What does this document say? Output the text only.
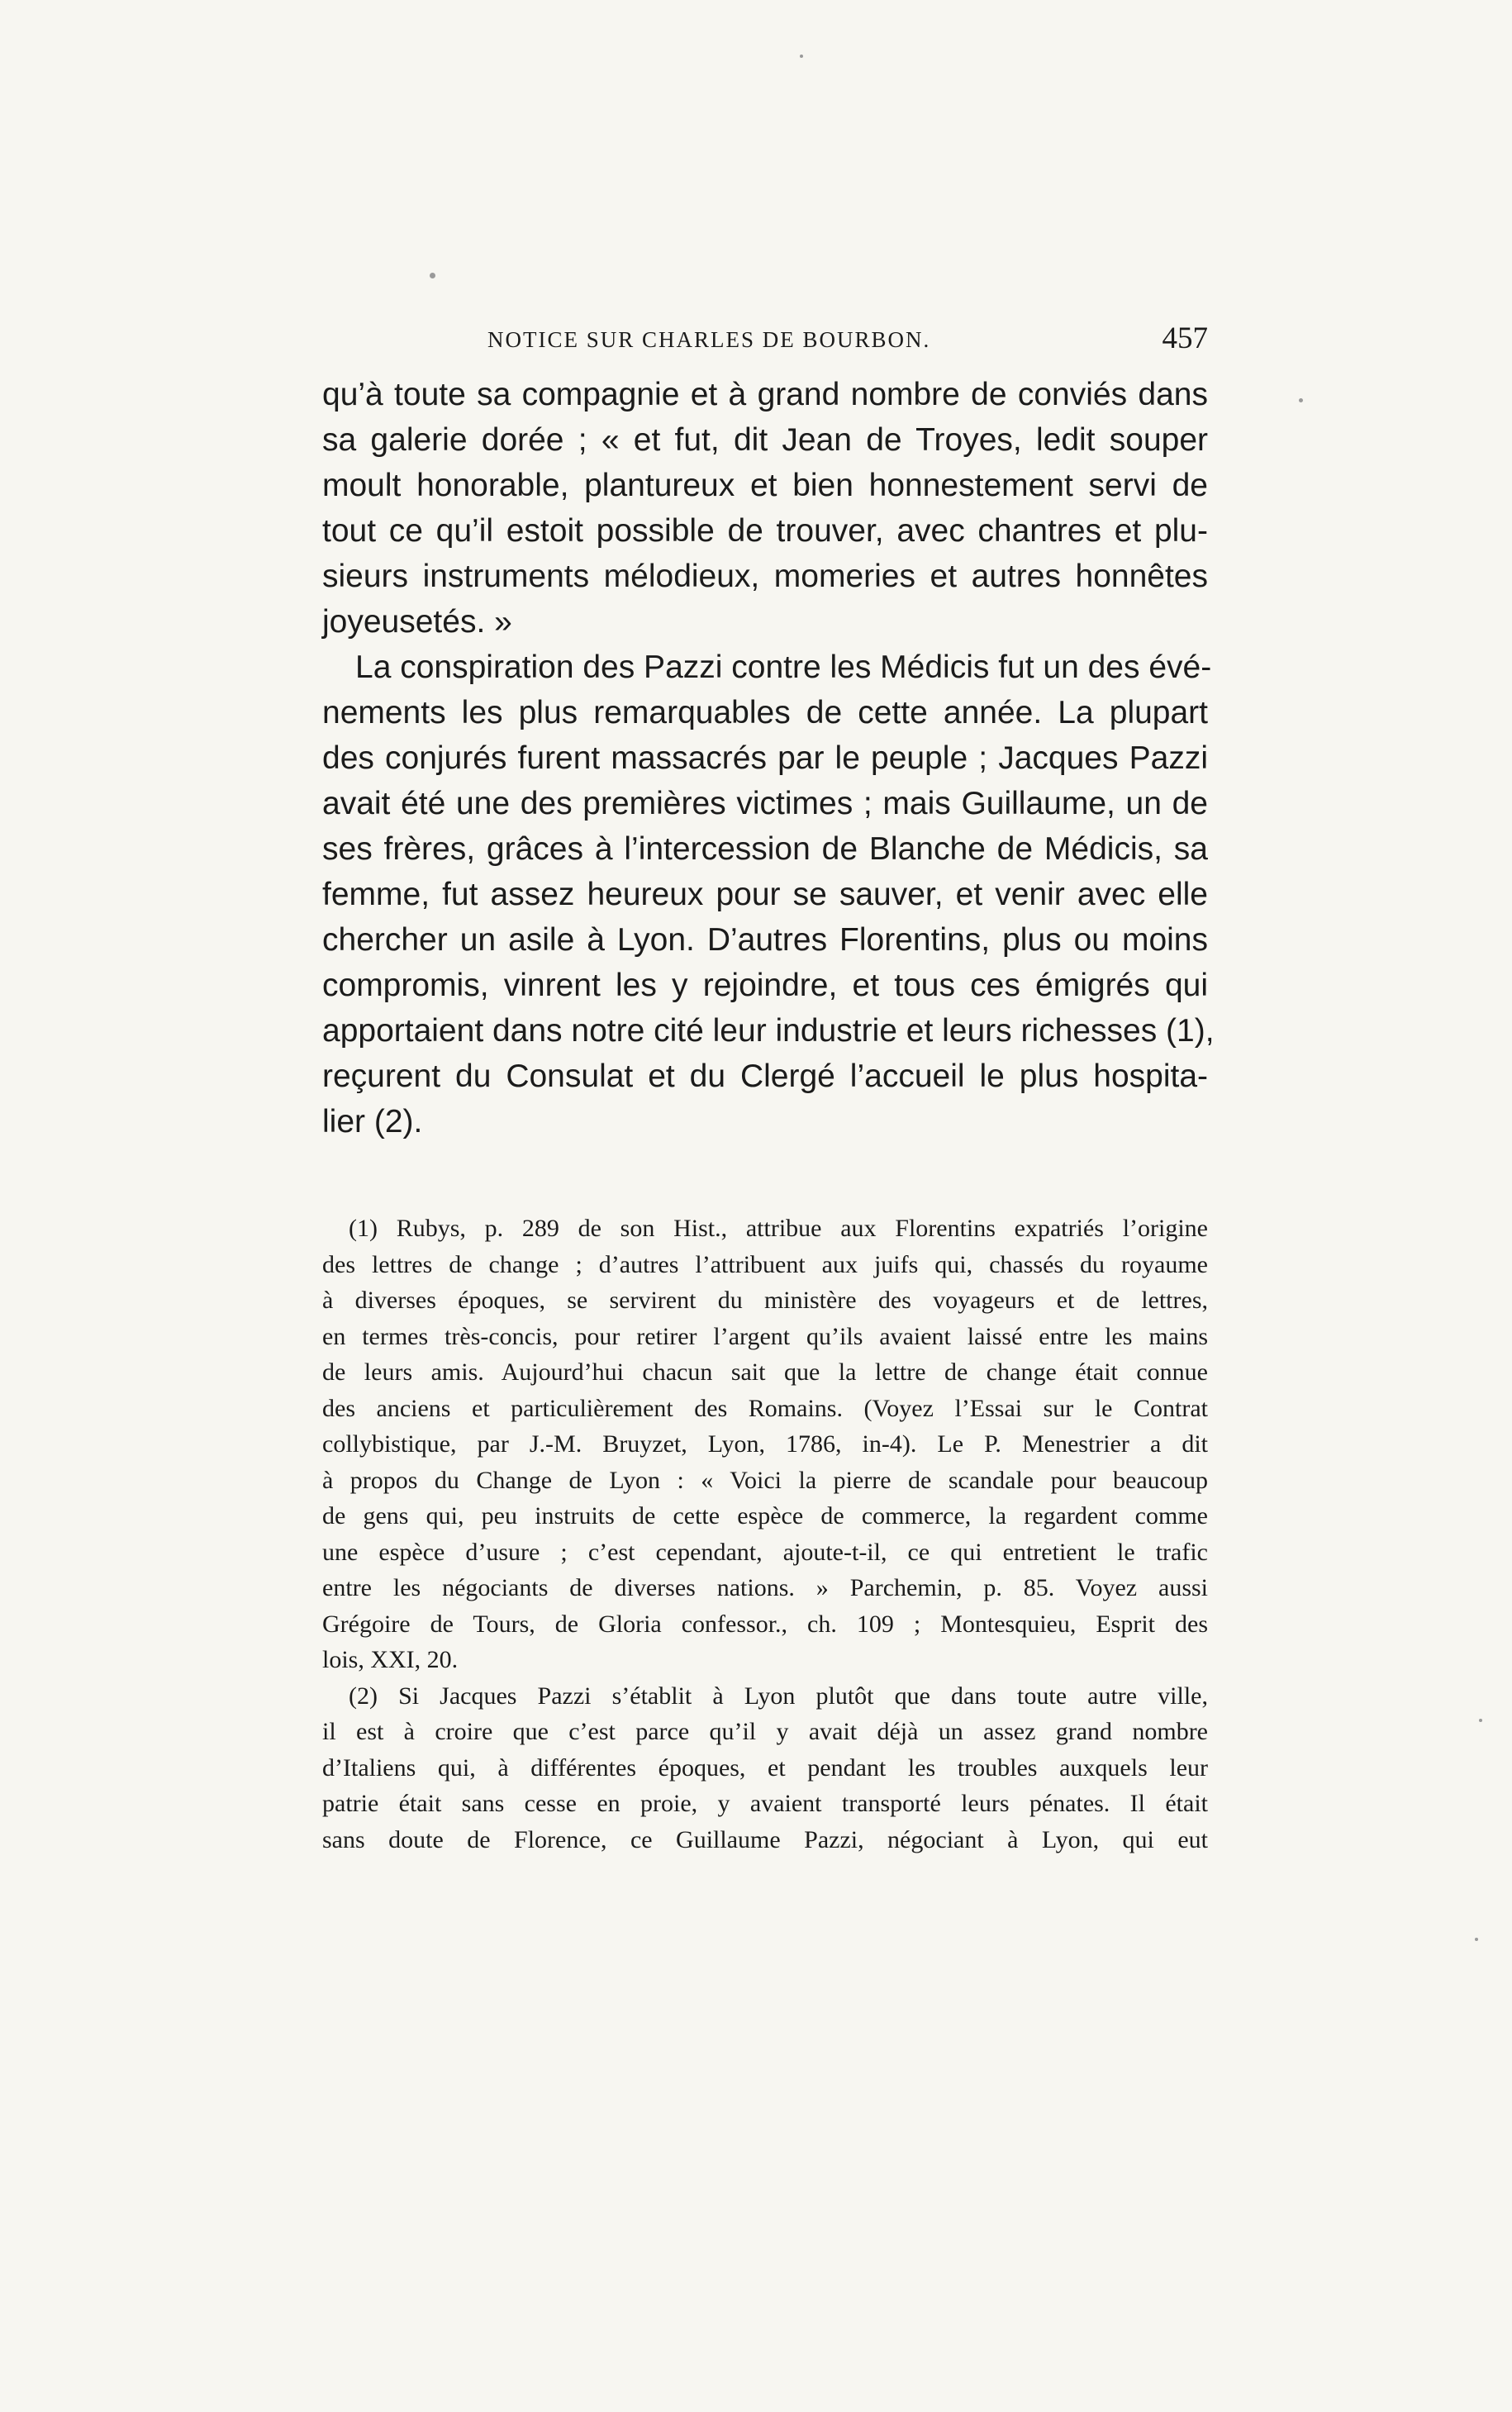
NOTICE SUR CHARLES DE BOURBON.	457
qu’à toute sa compagnie et à grand nombre de conviés dans
sa galerie dorée ; « et fut, dit Jean de Troyes, ledit souper
moult honorable, planture​ux et bien honnestement servi de
tout ce qu’il estoit possible de trouver, avec chantres et plu-
sieurs instruments mélodieux, momeries et autres honnêtes
joyeusetés. »
La conspiration des Pazzi contre les Médicis fut un des évé-
nements les plus remarquables de cette année. La plupart
des conjurés furent massacrés par le peuple ; Jacques Pazzi
avait été une des premières victimes ; mais Guillaume, un de
ses frères, grâces à l’intercession de Blanche de Médicis, sa
femme, fut assez heureux pour se sauver, et venir avec elle
chercher un asile à Lyon. D’autres Florentins, plus ou moins
compromis, vinrent les y rejoindre, et tous ces émigrés qui
apportaient dans notre cité leur industrie et leurs richesses (1),
reçurent du Consulat et du Clergé l’accueil le plus hospita-
lier (2).
(1) Rubys, p. 289 de son Hist., attribue aux Florentins expatriés l’origine
des lettres de change ; d’autres l’attribuent aux juifs qui, chassés du royaume
à diverses époques, se servirent du ministère des voyageurs et de lettres,
en termes très-concis, pour retirer l’argent qu’ils avaient laissé entre les mains
de leurs amis. Aujourd’hui chacun sait que la lettre de change était connue
des anciens et particulièrement des Romains. (Voyez l’Essai sur le Contrat
collybistique, par J.-M. Bruyzet, Lyon, 1786, in-4). Le P. Menestrier a dit
à propos du Change de Lyon : « Voici la pierre de scandale pour beaucoup
de gens qui, peu instruits de cette espèce de commerce, la regardent comme
une espèce d’usure ; c’est cependant, ajoute-t-il, ce qui entretient le trafic
entre les négociants de diverses nations. » Parchemin, p. 85. Voyez aussi
Grégoire de Tours, de Gloria confessor., ch. 109 ; Montesquieu, Esprit des
lois, XXI, 20.
(2) Si Jacques Pazzi s’établit à Lyon plutôt que dans toute autre ville,
il est à croire que c’est parce qu’il y avait déjà un assez grand nombre
d’Italiens qui, à différentes époques, et pendant les troubles auxquels leur
patrie était sans cesse en proie, y avaient transporté leurs pénates. Il était
sans doute de Florence, ce Guillaume Pazzi, négociant à Lyon, qui eut
